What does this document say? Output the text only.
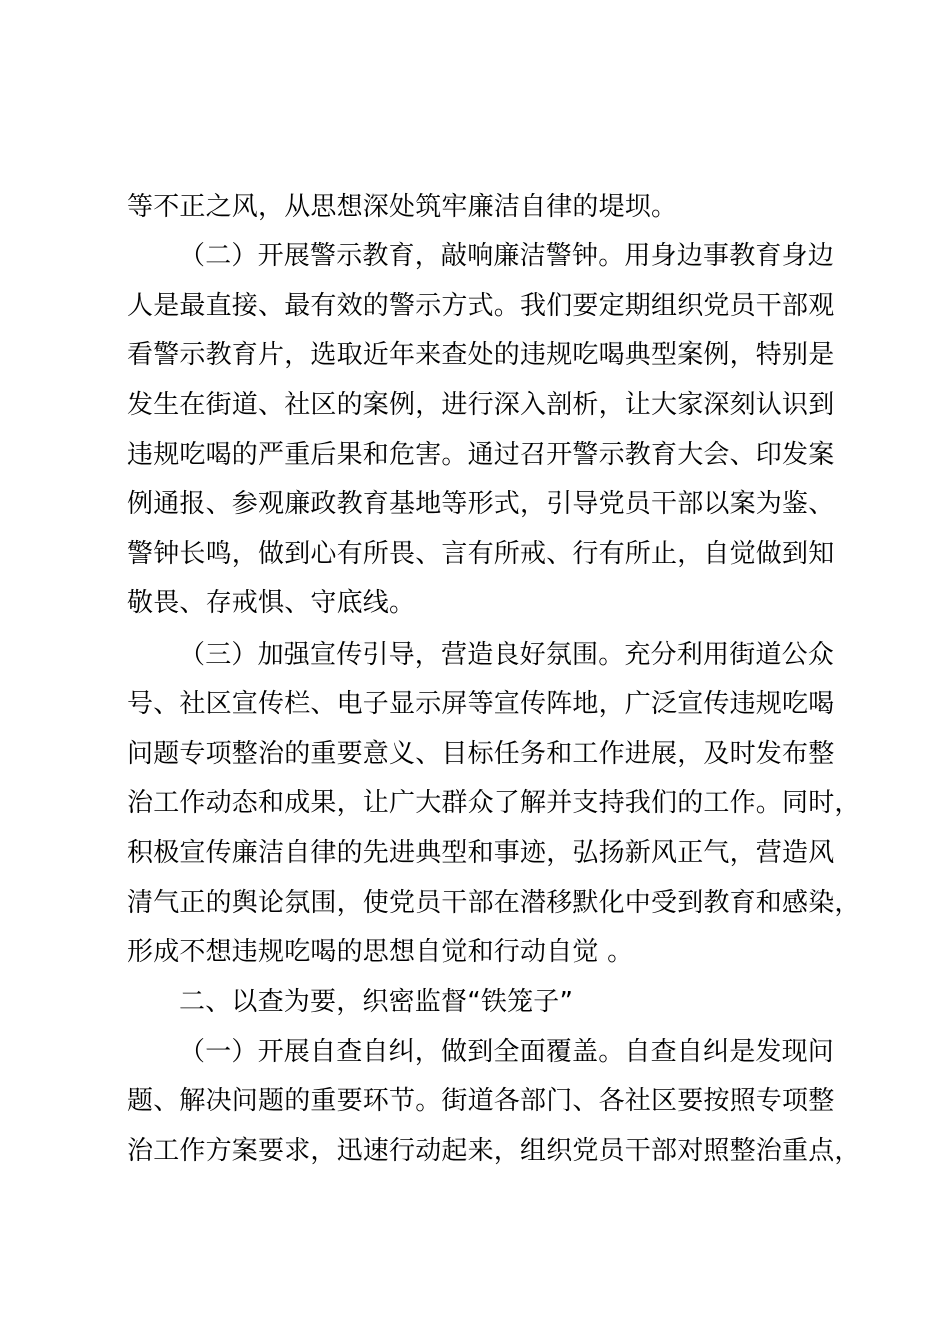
等不正之风，从思想深处筑牢廉洁自律的堤坝。
（二）开展警示教育，敲响廉洁警钟。用身边事教育身边
人是最直接、最有效的警示方式。我们要定期组织党员干部观
看警示教育片，选取近年来查处的违规吃喝典型案例，特别是
发生在街道、社区的案例，进行深入剖析，让大家深刻认识到
违规吃喝的严重后果和危害。通过召开警示教育大会、印发案
例通报、参观廉政教育基地等形式，引导党员干部以案为鉴、
警钟长鸣，做到心有所畏、言有所戒、行有所止，自觉做到知
敬畏、存戒惧、守底线。
（三）加强宣传引导，营造良好氛围。充分利用街道公众
号、社区宣传栏、电子显示屏等宣传阵地，广泛宣传违规吃喝
问题专项整治的重要意义、目标任务和工作进展，及时发布整
治工作动态和成果，让广大群众了解并支持我们的工作。同时，
积极宣传廉洁自律的先进典型和事迹，弘扬新风正气，营造风
清气正的舆论氛围，使党员干部在潜移默化中受到教育和感染，
形成不想违规吃喝的思想自觉和行动自觉 。
二、以查为要，织密监督“铁笼子”
（一）开展自查自纠，做到全面覆盖。自查自纠是发现问
题、解决问题的重要环节。街道各部门、各社区要按照专项整
治工作方案要求，迅速行动起来，组织党员干部对照整治重点，
